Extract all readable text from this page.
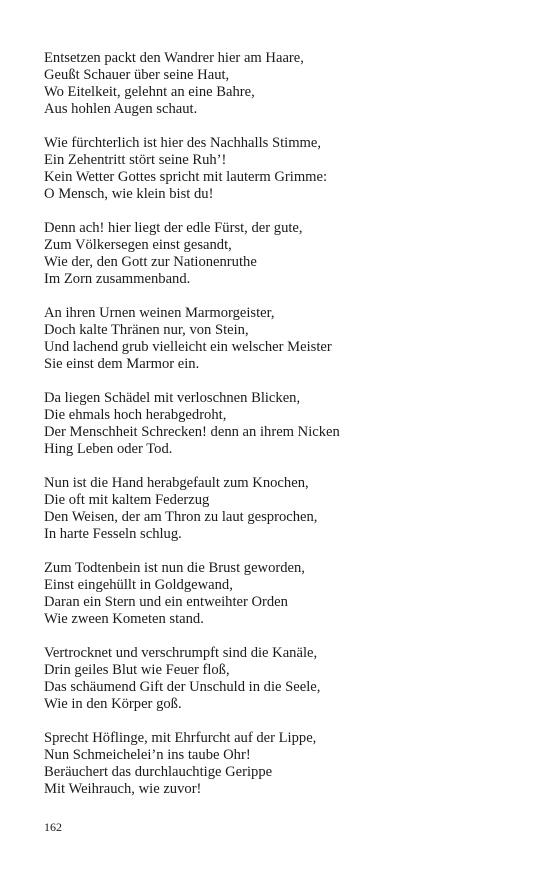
Entsetzen packt den Wandrer hier am Haare,
Geußt Schauer über seine Haut,
Wo Eitelkeit, gelehnt an eine Bahre,
Aus hohlen Augen schaut.
Wie fürchterlich ist hier des Nachhalls Stimme,
Ein Zehentritt stört seine Ruh’!
Kein Wetter Gottes spricht mit lauterm Grimme:
O Mensch, wie klein bist du!
Denn ach! hier liegt der edle Fürst, der gute,
Zum Völkersegen einst gesandt,
Wie der, den Gott zur Nationenruthe
Im Zorn zusammenband.
An ihren Urnen weinen Marmorgeister,
Doch kalte Thränen nur, von Stein,
Und lachend grub vielleicht ein welscher Meister
Sie einst dem Marmor ein.
Da liegen Schädel mit verloschnen Blicken,
Die ehmals hoch herabgedroht,
Der Menschheit Schrecken! denn an ihrem Nicken
Hing Leben oder Tod.
Nun ist die Hand herabgefault zum Knochen,
Die oft mit kaltem Federzug
Den Weisen, der am Thron zu laut gesprochen,
In harte Fesseln schlug.
Zum Todtenbein ist nun die Brust geworden,
Einst eingehüllt in Goldgewand,
Daran ein Stern und ein entweihter Orden
Wie zween Kometen stand.
Vertrocknet und verschrumpft sind die Kanäle,
Drin geiles Blut wie Feuer floß,
Das schäumend Gift der Unschuld in die Seele,
Wie in den Körper goß.
Sprecht Höflinge, mit Ehrfurcht auf der Lippe,
Nun Schmeichelei’n ins taube Ohr!
Beräuchert das durchlauchtige Gerippe
Mit Weihrauch, wie zuvor!
162
